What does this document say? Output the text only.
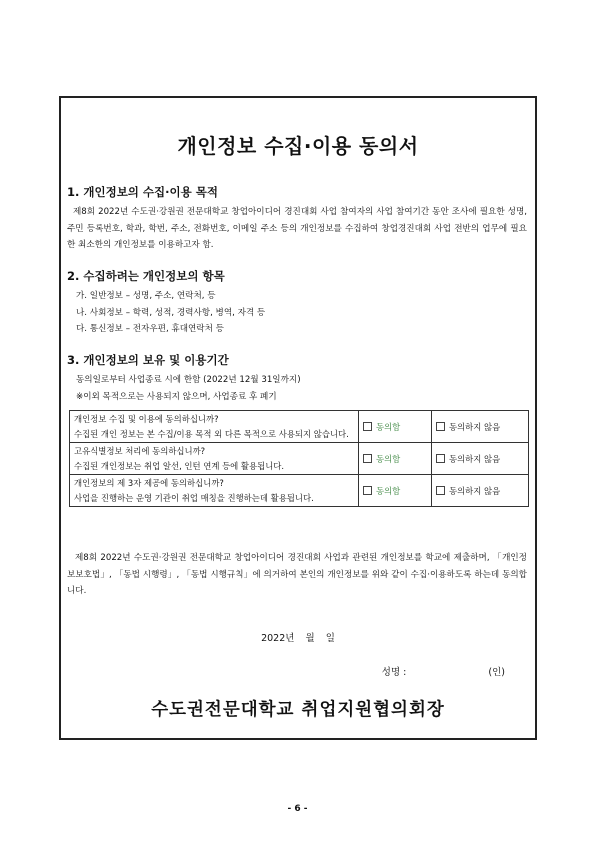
개인정보 수집·이용 동의서
1. 개인정보의 수집·이용 목적

제8회 2022년 수도권·강원권 전문대학교 창업아이디어 경진대회 사업 참여자의 사업 참여기간 동안 조사에 필요한 성명, 주민 등록번호, 학과, 학번, 주소, 전화번호, 이메일 주소 등의 개인정보를 수집하여 창업경진대회 사업 전반의 업무에 필요한 최소한의 개인정보를 이용하고자 함.

2. 수집하려는 개인정보의 항목

가. 일반정보 – 성명, 주소, 연락처, 등

나. 사회정보 – 학력, 성적, 경력사항, 병역, 자격 등

다. 통신정보 – 전자우편, 휴대연락처 등

3. 개인정보의 보유 및 이용기간

동의일로부터 사업종료 시에 한함 (2022년 12월 31일까지)

※이외 목적으로는 사용되지 않으며, 사업종료 후 폐기

개인정보 수집 및 이용에 동의하십니까?
수집된 개인 정보는 본 수집/이용 목적 외 다른 목적으로 사용되지 않습니다.	동의함	동의하지 않음

고유식별정보 처리에 동의하십니까?
수집된 개인정보는 취업 알선, 인턴 연계 등에 활용됩니다.	동의함	동의하지 않음

개인정보의 제 3자 제공에 동의하십니까?
사업을 진행하는 운영 기관이 취업 매칭을 진행하는데 활용됩니다.	동의함	동의하지 않음

제8회 2022년 수도권·강원권 전문대학교 창업아이디어 경진대회 사업과 관련된 개인정보를 학교에 제출하며, 「개인정보보호법」, 「동법 시행령」, 「동법 시행규칙」에 의거하여 본인의 개인정보를 위와 같이 수집·이용하도록 하는데 동의합니다.

2022년 월 일
성명 :	(인)
수도권전문대학교 취업지원협의회장
- 6 -
